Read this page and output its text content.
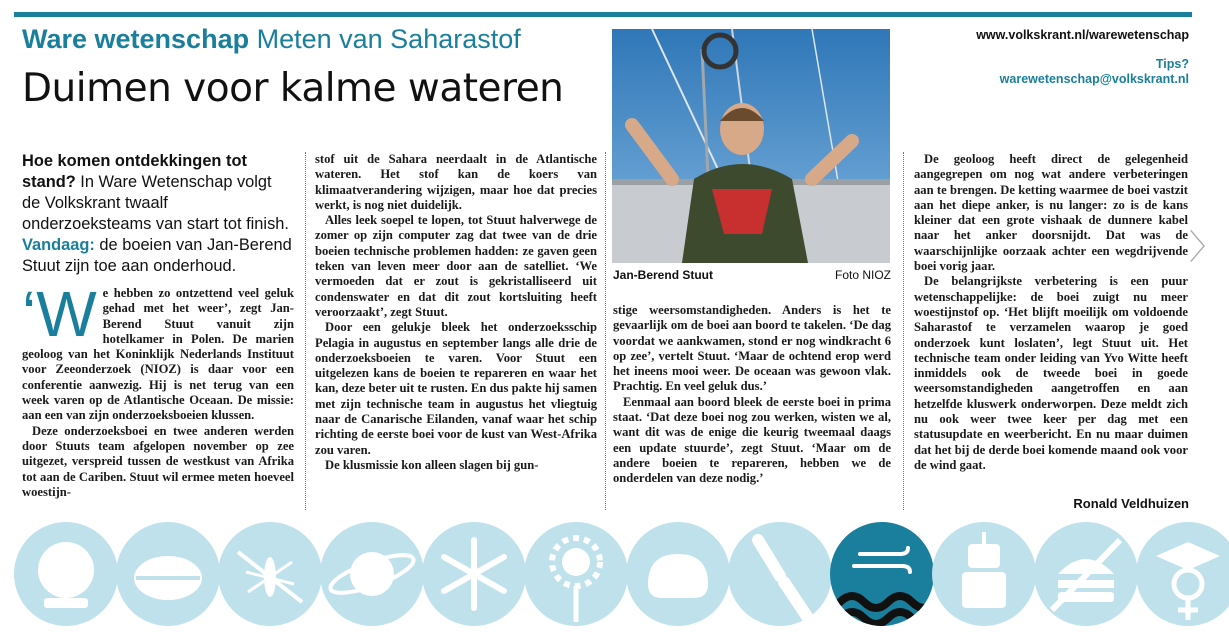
Ware wetenschap Meten van Saharastof
Duimen voor kalme wateren
www.volkskrant.nl/warewetenschap
Tips?
warewetenschap@volkskrant.nl
Hoe komen ontdekkingen tot stand? In Ware Wetenschap volgt de Volkskrant twaalf onderzoeksteams van start tot finish.
Vandaag: de boeien van Jan-Berend Stuut zijn toe aan onderhoud.
‘W e hebben zo ontzettend veel geluk gehad met het weer’, zegt Jan-Berend Stuut vanuit zijn hotelkamer in Polen. De marien geoloog van het Koninklijk Nederlands Instituut voor Zeeonderzoek (NIOZ) is daar voor een conferentie aanwezig. Hij is net terug van een week varen op de Atlantische Oceaan. De missie: aan een van zijn onderzoeksboeien klussen.

Deze onderzoeksboei en twee anderen werden door Stuuts team afgelopen november op zee uitgezet, verspreid tussen de westkust van Afrika tot aan de Cariben. Stuut wil ermee meten hoeveel woestijn-

stof uit de Sahara neerdaalt in de Atlantische wateren. Het stof kan de koers van klimaatverandering wijzigen, maar hoe dat precies werkt, is nog niet duidelijk.

Alles leek soepel te lopen, tot Stuut halverwege de zomer op zijn computer zag dat twee van de drie boeien technische problemen hadden: ze gaven geen teken van leven meer door aan de satelliet. ‘We vermoeden dat er zout is gekristalliseerd uit condenswater en dat dit zout kortsluiting heeft veroorzaakt’, zegt Stuut.

Door een gelukje bleek het onderzoeksschip Pelagia in augustus en september langs alle drie de onderzoeksboeien te varen. Voor Stuut een uitgelezen kans de boeien te repareren en waar het kan, deze beter uit te rusten. En dus pakte hij samen met zijn technische team in augustus het vliegtuig naar de Canarische Eilanden, vanaf waar het schip richting de eerste boei voor de kust van West-Afrika zou varen.

De klusmissie kon alleen slagen bij gun-

Jan-Berend Stuut	Foto NIOZ

stige weersomstandigheden. Anders is het te gevaarlijk om de boei aan boord te takelen. ‘De dag voordat we aankwamen, stond er nog windkracht 6 op zee’, vertelt Stuut. ‘Maar de ochtend erop werd het ineens mooi weer. De oceaan was gewoon vlak. Prachtig. En veel geluk dus.’

Eenmaal aan boord bleek de eerste boei in prima staat. ‘Dat deze boei nog zou werken, wisten we al, want dit was de enige die keurig tweemaal daags een update stuurde’, zegt Stuut. ‘Maar om de andere boeien te repareren, hebben we de onderdelen van deze nodig.’

De geoloog heeft direct de gelegenheid aangegrepen om nog wat andere verbeteringen aan te brengen. De ketting waarmee de boei vastzit aan het diepe anker, is nu langer: zo is de kans kleiner dat een grote vishaak de dunnere kabel naar het anker doorsnijdt. Dat was de waarschijnlijke oorzaak achter een wegdrijvende boei vorig jaar.

De belangrijkste verbetering is een puur wetenschappelijke: de boei zuigt nu meer woestijnstof op. ‘Het blijft moeilijk om voldoende Saharastof te verzamelen waarop je goed onderzoek kunt loslaten’, legt Stuut uit. Het technische team onder leiding van Yvo Witte heeft inmiddels ook de tweede boei in goede weersomstandigheden aangetroffen en aan hetzelfde kluswerk onderworpen. Deze meldt zich nu ook weer twee keer per dag met een statusupdate en weerbericht. En nu maar duimen dat het bij de derde boei komende maand ook voor de wind gaat.

Ronald Veldhuizen
〉
